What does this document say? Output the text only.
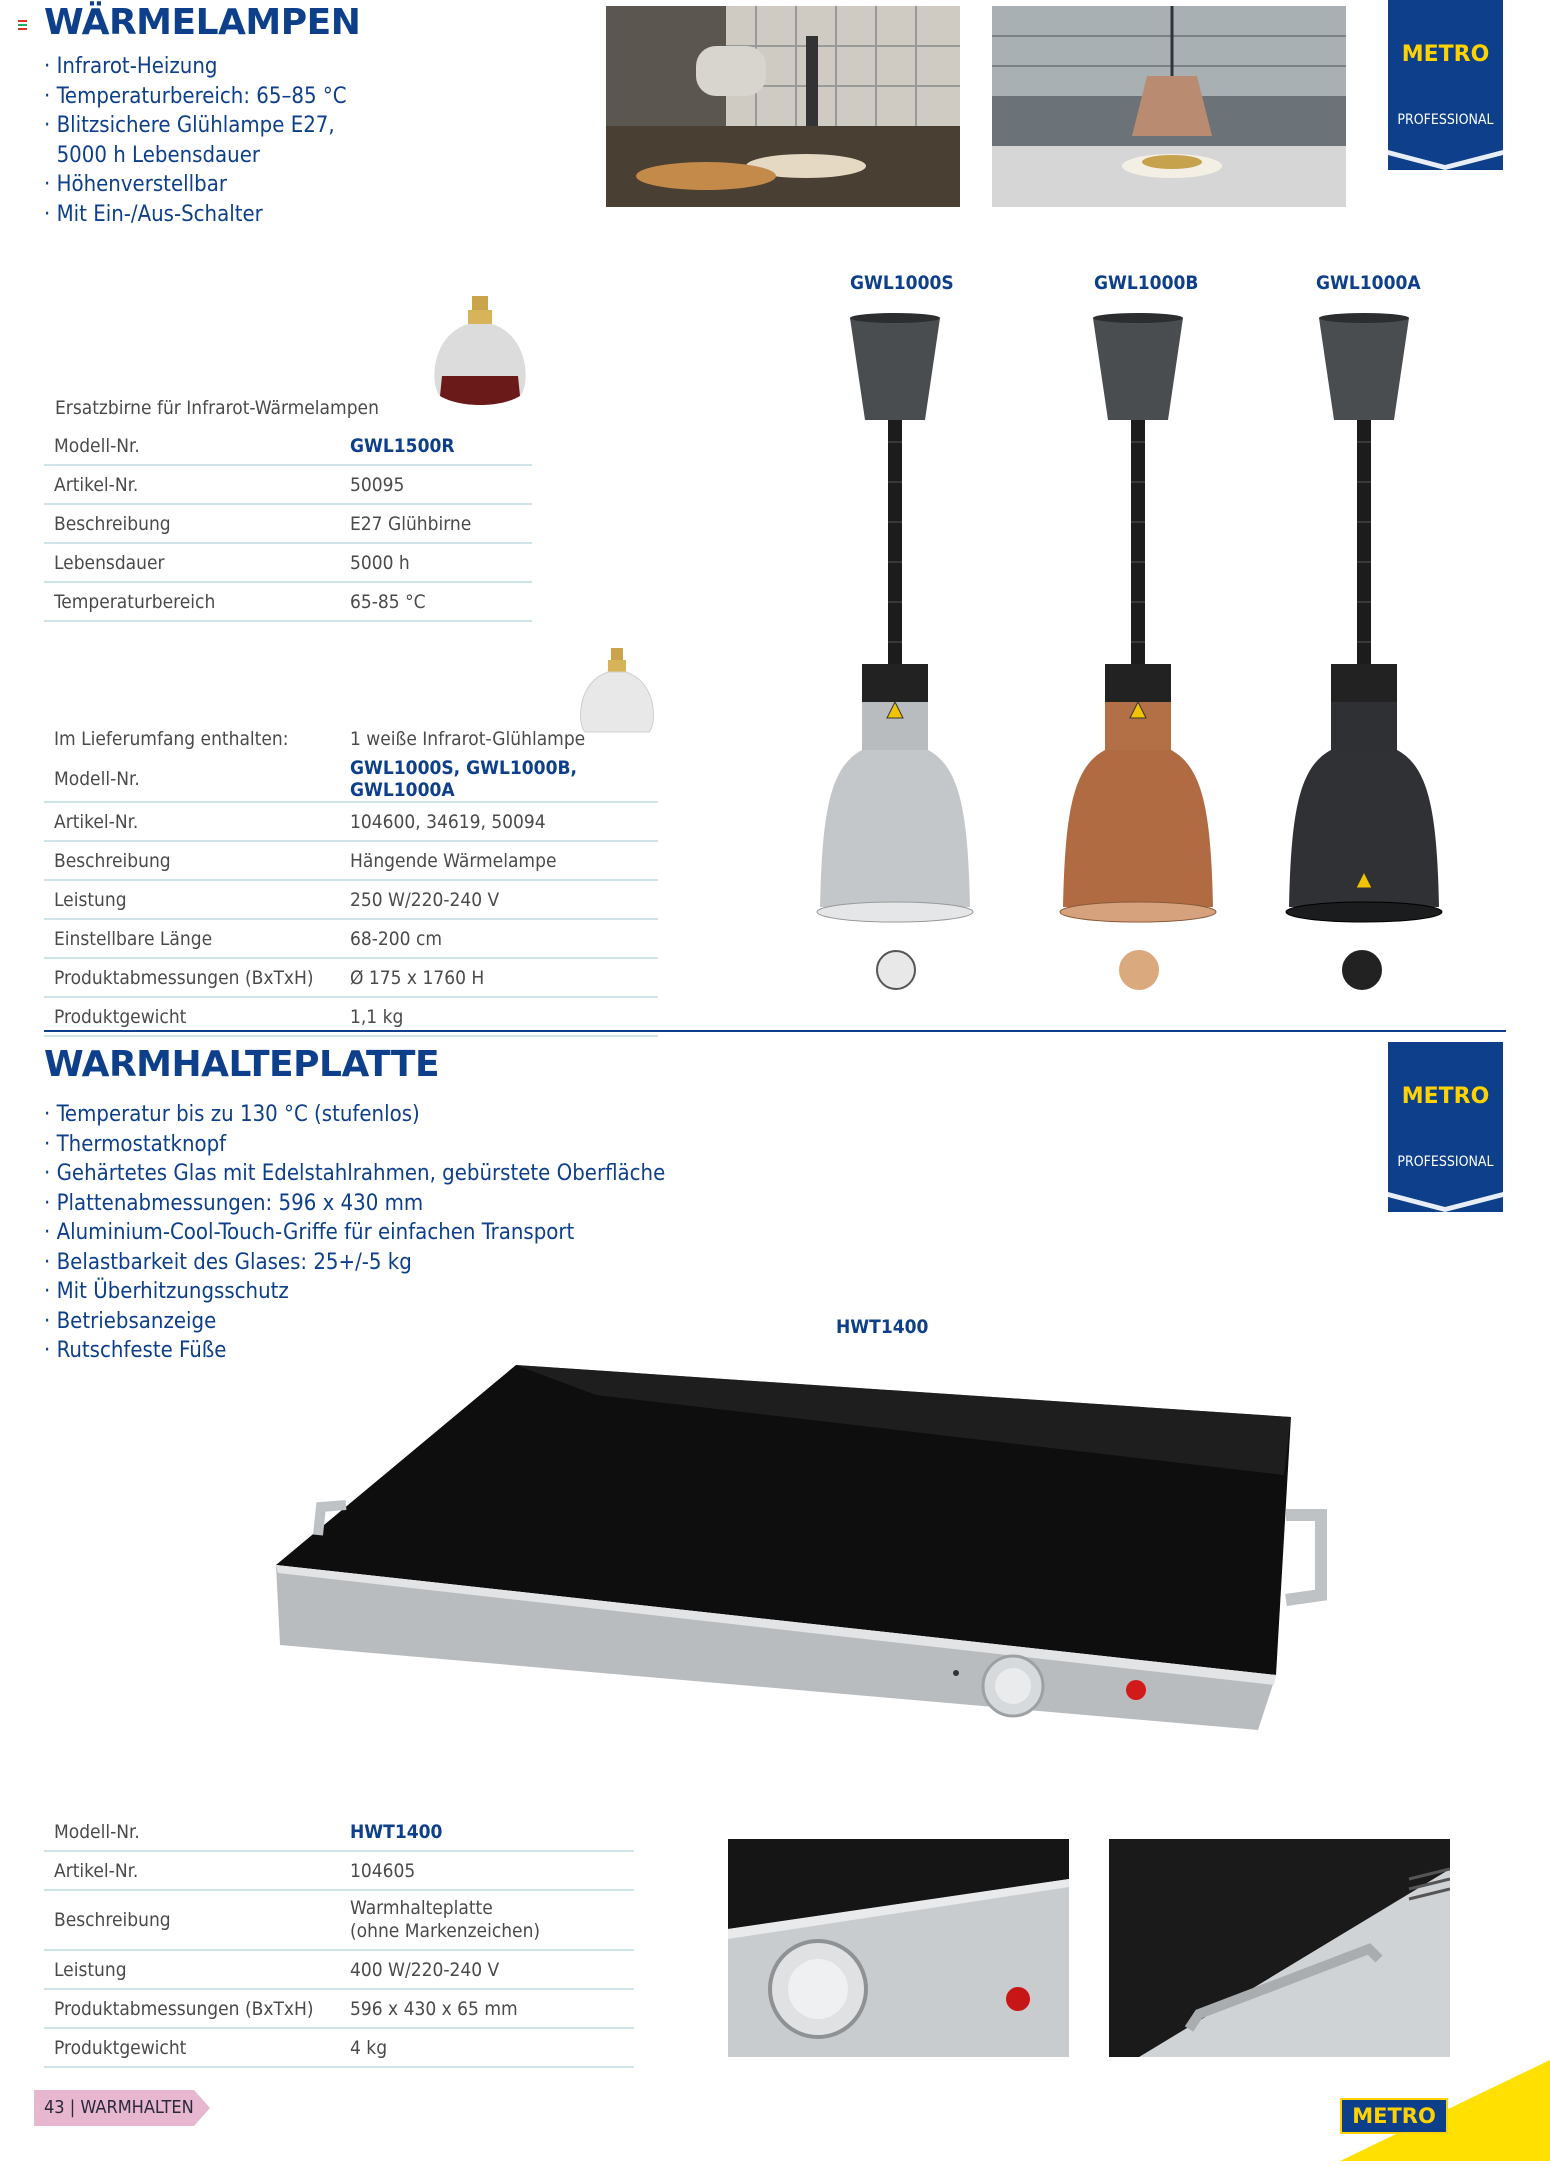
WÄRMELAMPEN
· Infrarot-Heizung
· Temperaturbereich: 65–85 °C
· Blitzsichere Glühlampe E27,
5000 h Lebensdauer
· Höhenverstellbar
· Mit Ein-/Aus-Schalter
METRO
PROFESSIONAL
Ersatzbirne für Infrarot-Wärmelampen
Modell-Nr.	GWL1500R
Artikel-Nr.	50095
Beschreibung	E27 Glühbirne
Lebensdauer	5000 h
Temperaturbereich	65-85 °C
Im Lieferumfang enthalten:	1 weiße Infrarot-Glühlampe
Modell-Nr.	GWL1000S, GWL1000B, GWL1000A
Artikel-Nr.	104600, 34619, 50094
Beschreibung	Hängende Wärmelampe
Leistung	250 W/220-240 V
Einstellbare Länge	68-200 cm
Produktabmessungen (BxTxH)	Ø 175 x 1760 H
Produktgewicht	1,1 kg
GWL1000S	GWL1000B	GWL1000A
WARMHALTEPLATTE
· Temperatur bis zu 130 °C (stufenlos)
· Thermostatknopf
· Gehärtetes Glas mit Edelstahlrahmen, gebürstete Oberfläche
· Plattenabmessungen: 596 x 430 mm
· Aluminium-Cool-Touch-Griffe für einfachen Transport
· Belastbarkeit des Glases: 25+/-5 kg
· Mit Überhitzungsschutz
· Betriebsanzeige
· Rutschfeste Füße
METRO
PROFESSIONAL
HWT1400
Modell-Nr.	HWT1400
Artikel-Nr.	104605
Beschreibung	Warmhalteplatte
(ohne Markenzeichen)

Leistung	400 W/220-240 V
Produktabmessungen (BxTxH)	596 x 430 x 65 mm
Produktgewicht	4 kg
43 | WARMHALTEN	METRO
